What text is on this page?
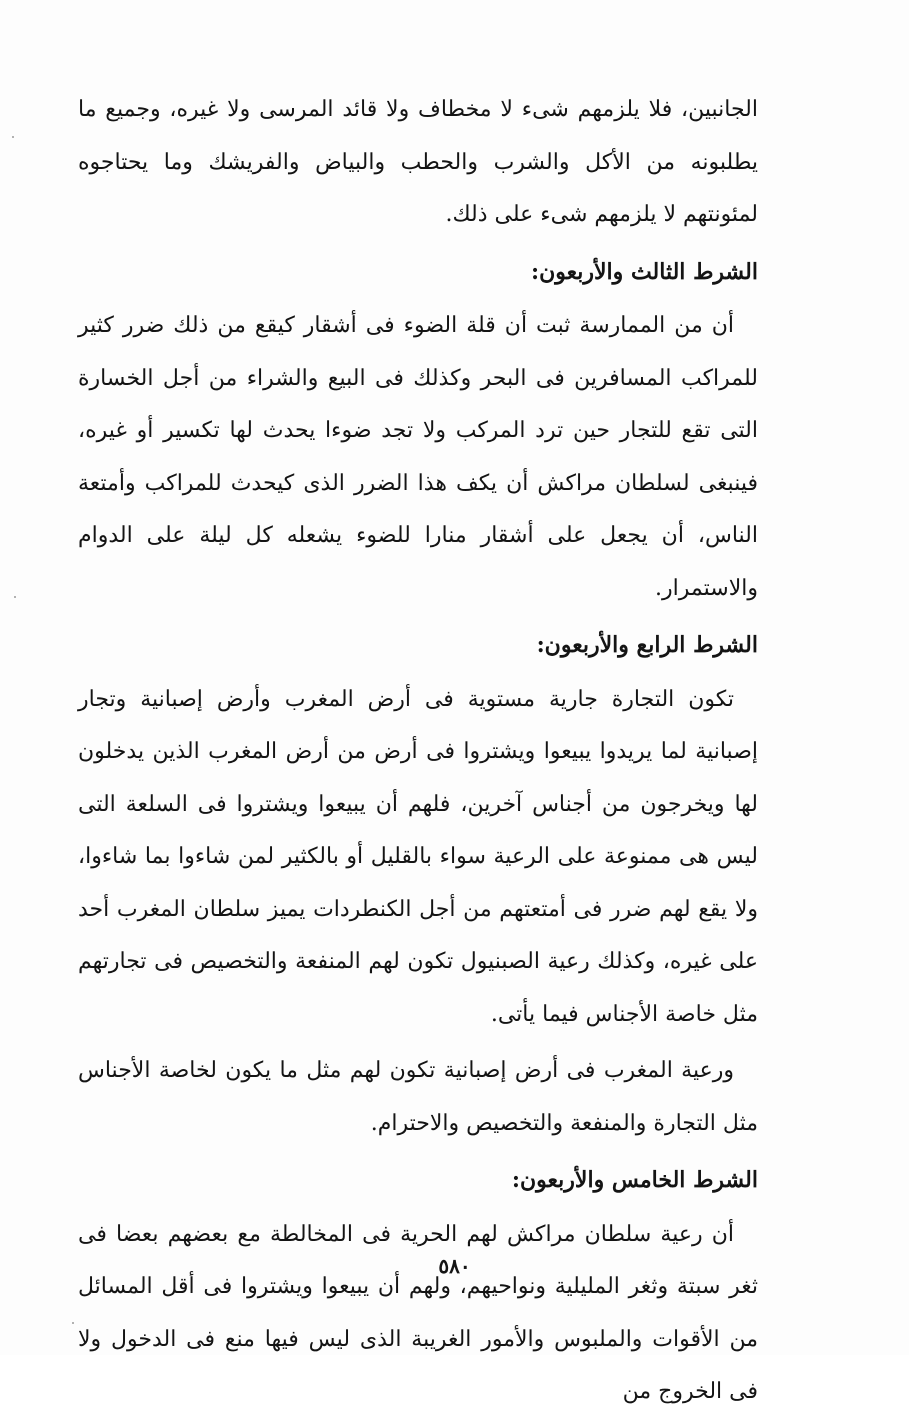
الجانبين، فلا يلزمهم شىء لا مخطاف ولا قائد المرسى ولا غيره، وجميع ما يطلبونه من الأكل والشرب والحطب والبياض والفريشك وما يحتاجوه لمئونتهم لا يلزمهم شىء على ذلك.

الشرط الثالث والأربعون:

أن من الممارسة ثبت أن قلة الضوء فى أشقار كيقع من ذلك ضرر كثير للمراكب المسافرين فى البحر وكذلك فى البيع والشراء من أجل الخسارة التى تقع للتجار حين ترد المركب ولا تجد ضوءا يحدث لها تكسير أو غيره، فينبغى لسلطان مراكش أن يكف هذا الضرر الذى كيحدث للمراكب وأمتعة الناس، أن يجعل على أشقار منارا للضوء يشعله كل ليلة على الدوام والاستمرار.

الشرط الرابع والأربعون:

تكون التجارة جارية مستوية فى أرض المغرب وأرض إصبانية وتجار إصبانية لما يريدوا يبيعوا ويشتروا فى أرض من أرض المغرب الذين يدخلون لها ويخرجون من أجناس آخرين، فلهم أن يبيعوا ويشتروا فى السلعة التى ليس هى ممنوعة على الرعية سواء بالقليل أو بالكثير لمن شاءوا بما شاءوا، ولا يقع لهم ضرر فى أمتعتهم من أجل الكنطردات يميز سلطان المغرب أحد على غيره، وكذلك رعية الصبنيول تكون لهم المنفعة والتخصيص فى تجارتهم مثل خاصة الأجناس فيما يأتى.

ورعية المغرب فى أرض إصبانية تكون لهم مثل ما يكون لخاصة الأجناس مثل التجارة والمنفعة والتخصيص والاحترام.

الشرط الخامس والأربعون:

أن رعية سلطان مراكش لهم الحرية فى المخالطة مع بعضهم بعضا فى ثغر سبتة وثغر المليلية ونواحيهم، ولهم أن يبيعوا ويشتروا فى أقل المسائل من الأقوات والملبوس والأمور الغريبة الذى ليس فيها منع فى الدخول ولا فى الخروج من

٥٨٠
